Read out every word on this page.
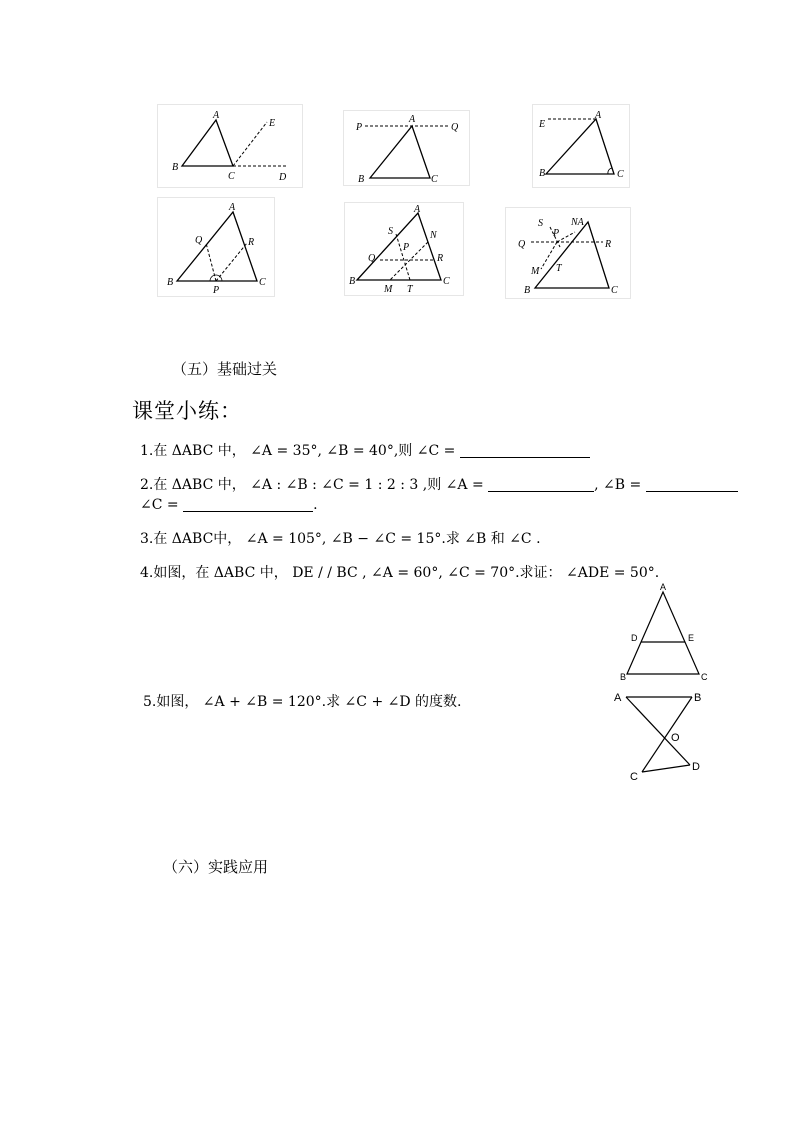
A
B
C	D
E	A
B	C
P	Q
A
B	C
E
A
B	C
P
Q	R
A
B	C
S	N
Q
P
R
M T
S	NA
P
Q	R
M T
B	C
（五）基础过关
课堂小练：
1.在 ΔABC 中， ∠A = 35°, ∠B = 40°,则 ∠C =
2.在 ΔABC 中， ∠A : ∠B : ∠C = 1 : 2 : 3 ,则 ∠A =	, ∠B =
∠C =	.
3.在 ΔABC中， ∠A = 105°, ∠B − ∠C = 15°.求 ∠B 和 ∠C .
4.如图，在 ΔABC 中， DE / / BC , ∠A = 60°, ∠C = 70°.求证： ∠ADE = 50°.
A
B	C
D	E
5.如图， ∠A + ∠B = 120°.求 ∠C + ∠D 的度数.	A	B
O
C
D
（六）实践应用
